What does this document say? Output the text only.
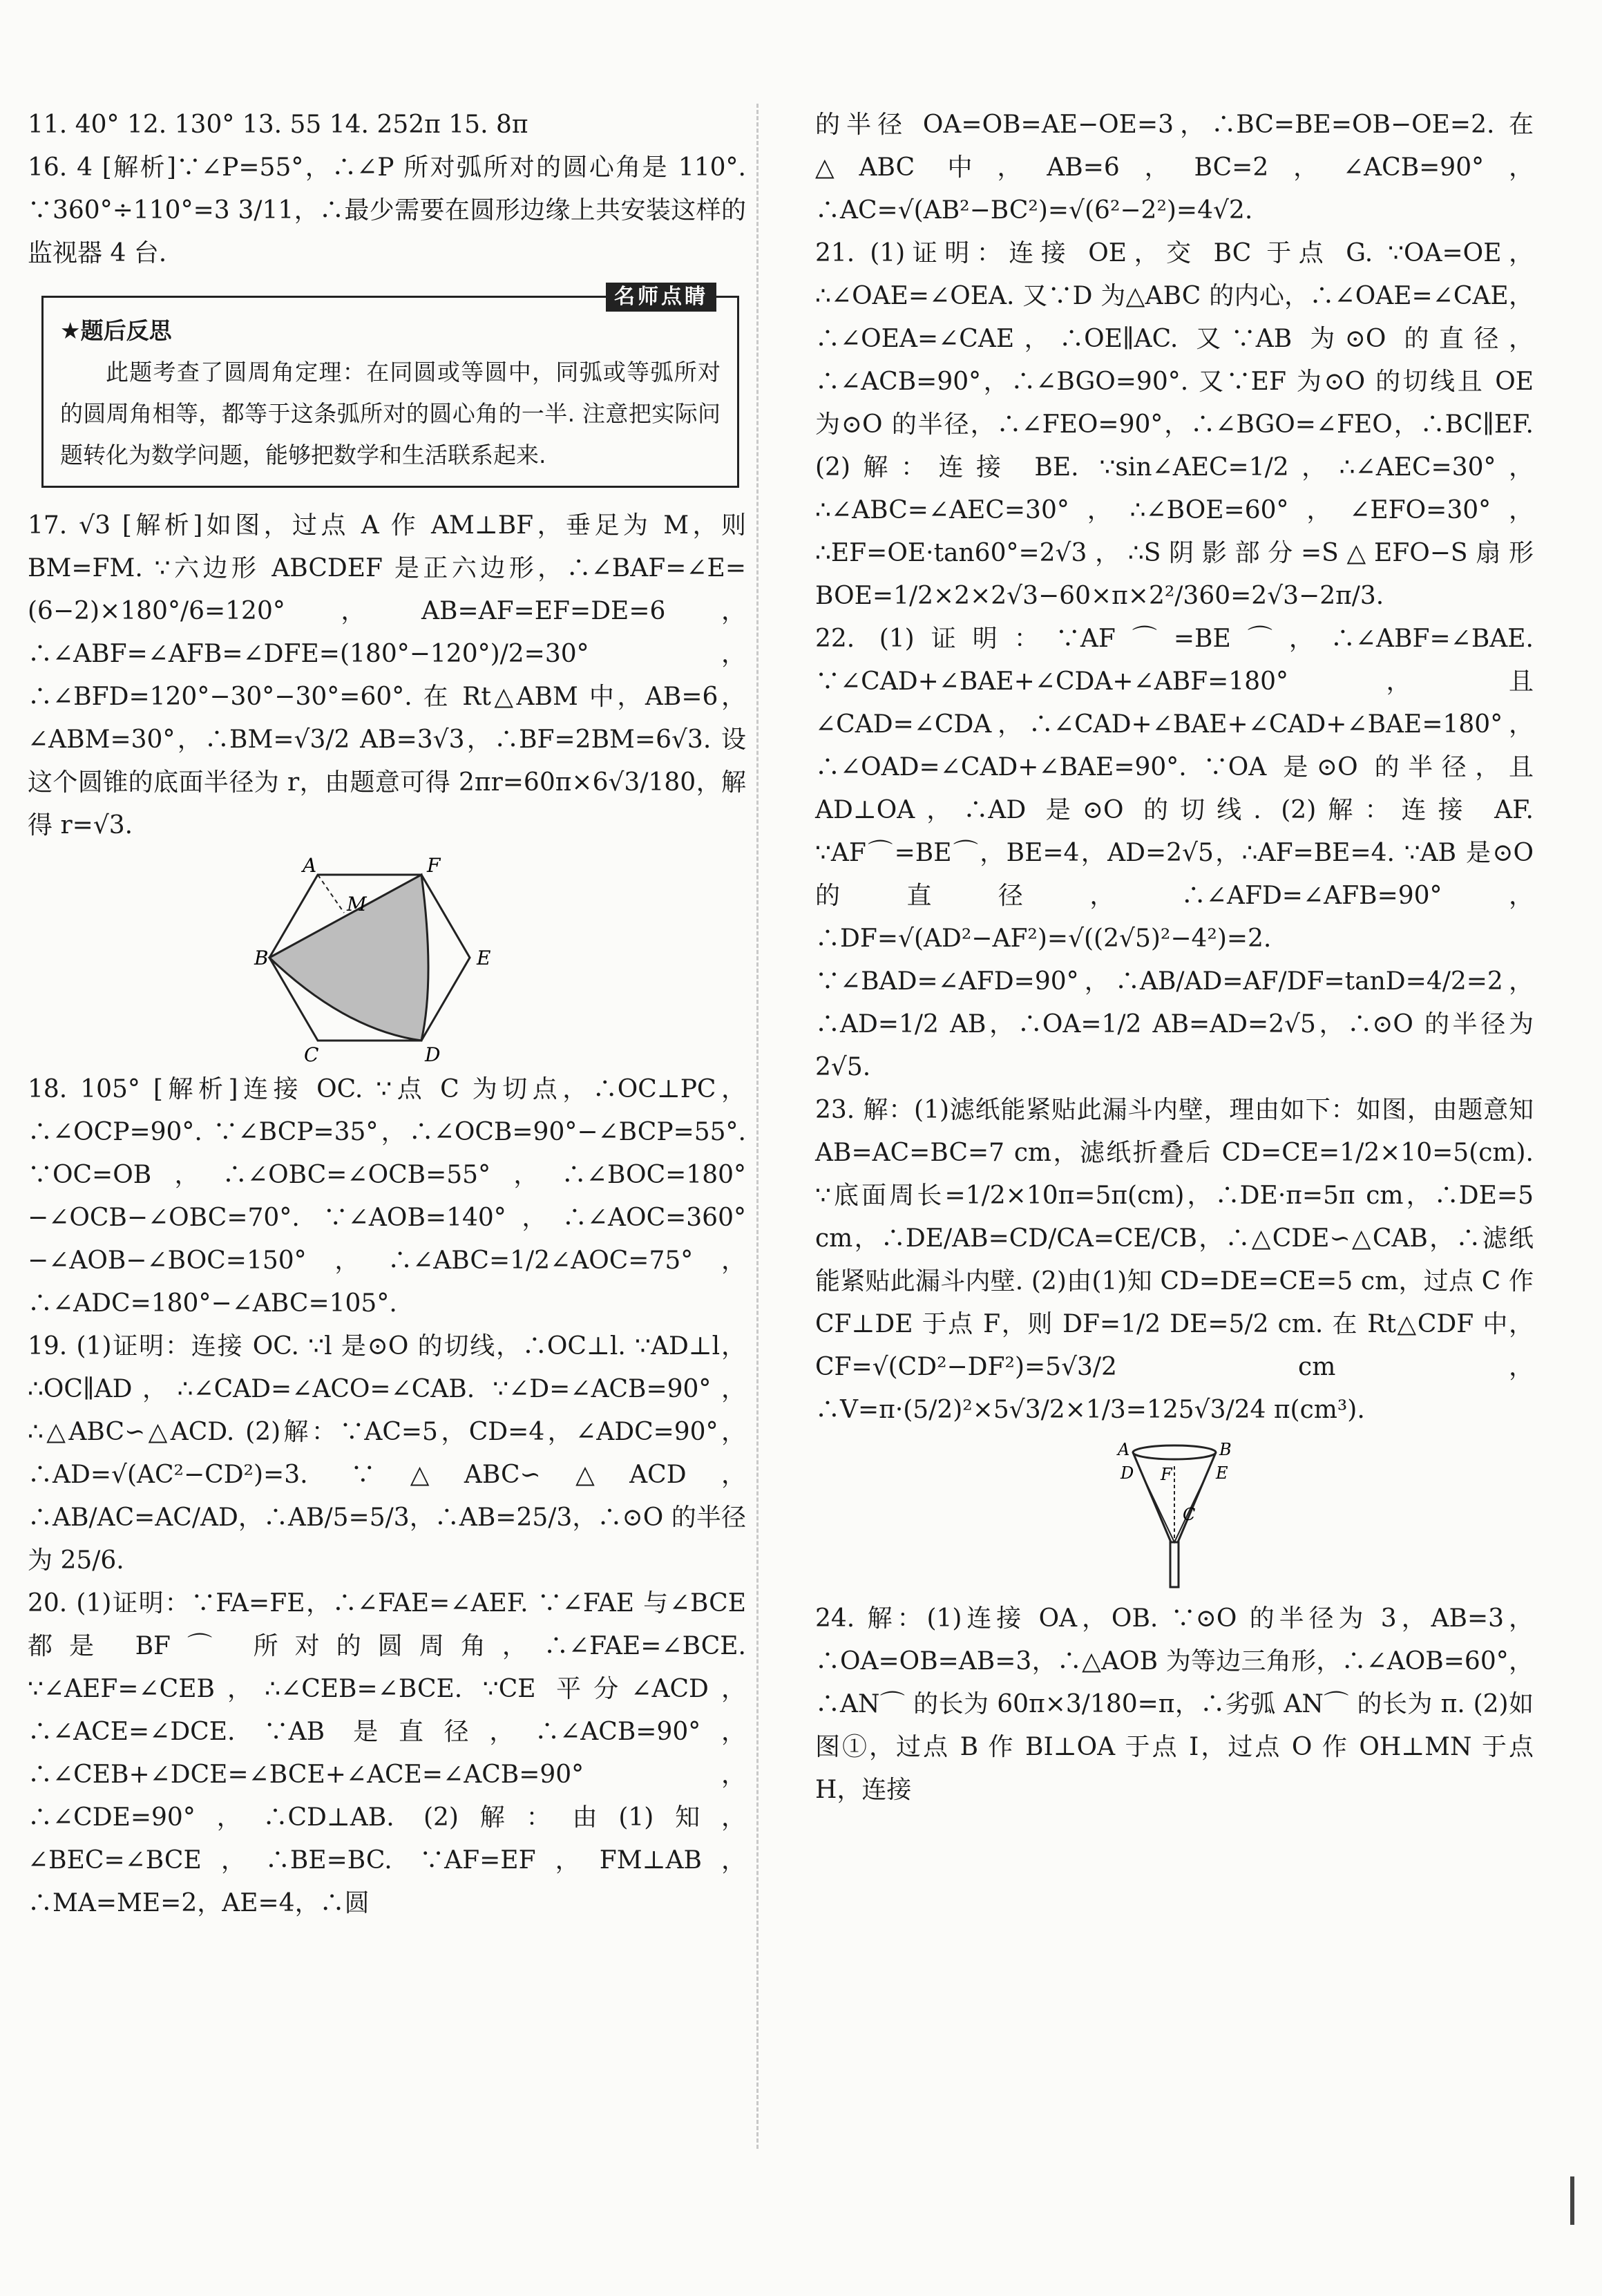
11. 40° 12. 130° 13. 55 14. 252π 15. 8π

16. 4 [解析]∵∠P=55°，∴∠P 所对弧所对的圆心角是 110°. ∵360°÷110°=3 3/11，∴最少需要在圆形边缘上共安装这样的监视器 4 台.

名师点睛
★题后反思
此题考查了圆周角定理：在同圆或等圆中，同弧或等弧所对的圆周角相等，都等于这条弧所对的圆心角的一半. 注意把实际问题转化为数学问题，能够把数学和生活联系起来.

17. √3 [解析]如图，过点 A 作 AM⊥BF，垂足为 M，则 BM=FM. ∵六边形 ABCDEF 是正六边形，∴∠BAF=∠E=(6−2)×180°/6=120°，AB=AF=EF=DE=6，∴∠ABF=∠AFB=∠DFE=(180°−120°)/2=30°，∴∠BFD=120°−30°−30°=60°. 在 Rt△ABM 中，AB=6，∠ABM=30°，∴BM=√3/2 AB=3√3，∴BF=2BM=6√3. 设这个圆锥的底面半径为 r，由题意可得 2πr=60π×6√3/180，解得 r=√3.

A
M
F
B	E
C	D

18. 105° [解析]连接 OC. ∵点 C 为切点，∴OC⊥PC，∴∠OCP=90°. ∵∠BCP=35°，∴∠OCB=90°−∠BCP=55°. ∵OC=OB，∴∠OBC=∠OCB=55°，∴∠BOC=180°−∠OCB−∠OBC=70°. ∵∠AOB=140°，∴∠AOC=360°−∠AOB−∠BOC=150°，∴∠ABC=1/2∠AOC=75°，∴∠ADC=180°−∠ABC=105°.

19. (1)证明：连接 OC. ∵l 是⊙O 的切线，∴OC⊥l. ∵AD⊥l，∴OC∥AD，∴∠CAD=∠ACO=∠CAB. ∵∠D=∠ACB=90°，∴△ABC∽△ACD. (2)解：∵AC=5，CD=4，∠ADC=90°，∴AD=√(AC²−CD²)=3. ∵△ABC∽△ACD，∴AB/AC=AC/AD，∴AB/5=5/3，∴AB=25/3，∴⊙O 的半径为 25/6.

20. (1)证明：∵FA=FE，∴∠FAE=∠AEF. ∵∠FAE 与∠BCE 都是 BF⌒ 所对的圆周角，∴∠FAE=∠BCE. ∵∠AEF=∠CEB，∴∠CEB=∠BCE. ∵CE 平分∠ACD，∴∠ACE=∠DCE. ∵AB 是直径，∴∠ACB=90°，∴∠CEB+∠DCE=∠BCE+∠ACE=∠ACB=90°，∴∠CDE=90°，∴CD⊥AB. (2)解：由(1)知，∠BEC=∠BCE，∴BE=BC. ∵AF=EF，FM⊥AB，∴MA=ME=2，AE=4，∴圆

的半径 OA=OB=AE−OE=3，∴BC=BE=OB−OE=2. 在△ABC 中，AB=6，BC=2，∠ACB=90°，∴AC=√(AB²−BC²)=√(6²−2²)=4√2.

21. (1)证明：连接 OE，交 BC 于点 G. ∵OA=OE，∴∠OAE=∠OEA. 又∵D 为△ABC 的内心，∴∠OAE=∠CAE，∴∠OEA=∠CAE，∴OE∥AC. 又∵AB 为⊙O 的直径，∴∠ACB=90°，∴∠BGO=90°. 又∵EF 为⊙O 的切线且 OE 为⊙O 的半径，∴∠FEO=90°，∴∠BGO=∠FEO，∴BC∥EF. (2)解：连接 BE. ∵sin∠AEC=1/2，∴∠AEC=30°，∴∠ABC=∠AEC=30°，∴∠BOE=60°，∠EFO=30°，∴EF=OE·tan60°=2√3，∴S阴影部分=S△EFO−S扇形BOE=1/2×2×2√3−60×π×2²/360=2√3−2π/3.

22. (1)证明：∵AF⌒=BE⌒，∴∠ABF=∠BAE. ∵∠CAD+∠BAE+∠CDA+∠ABF=180°，且∠CAD=∠CDA，∴∠CAD+∠BAE+∠CAD+∠BAE=180°，∴∠OAD=∠CAD+∠BAE=90°. ∵OA 是⊙O 的半径，且 AD⊥OA，∴AD 是⊙O 的切线. (2)解：连接 AF. ∵AF⌒=BE⌒，BE=4，AD=2√5，∴AF=BE=4. ∵AB 是⊙O 的直径，∴∠AFD=∠AFB=90°，∴DF=√(AD²−AF²)=√((2√5)²−4²)=2. ∵∠BAD=∠AFD=90°，∴AB/AD=AF/DF=tanD=4/2=2，∴AD=1/2 AB，∴OA=1/2 AB=AD=2√5，∴⊙O 的半径为 2√5.

23. 解：(1)滤纸能紧贴此漏斗内壁，理由如下：如图，由题意知 AB=AC=BC=7 cm，滤纸折叠后 CD=CE=1/2×10=5(cm). ∵底面周长=1/2×10π=5π(cm)，∴DE·π=5π cm，∴DE=5 cm，∴DE/AB=CD/CA=CE/CB，∴△CDE∽△CAB，∴滤纸能紧贴此漏斗内壁. (2)由(1)知 CD=DE=CE=5 cm，过点 C 作 CF⊥DE 于点 F，则 DF=1/2 DE=5/2 cm. 在 Rt△CDF 中，CF=√(CD²−DF²)=5√3/2 cm，∴V=π·(5/2)²×5√3/2×1/3=125√3/24 π(cm³).

A	B
D F	E
C

24. 解：(1)连接 OA，OB. ∵⊙O 的半径为 3，AB=3，∴OA=OB=AB=3，∴△AOB 为等边三角形，∴∠AOB=60°，∴AN⌒ 的长为 60π×3/180=π，∴劣弧 AN⌒ 的长为 π. (2)如图①，过点 B 作 BI⊥OA 于点 I，过点 O 作 OH⊥MN 于点 H，连接
